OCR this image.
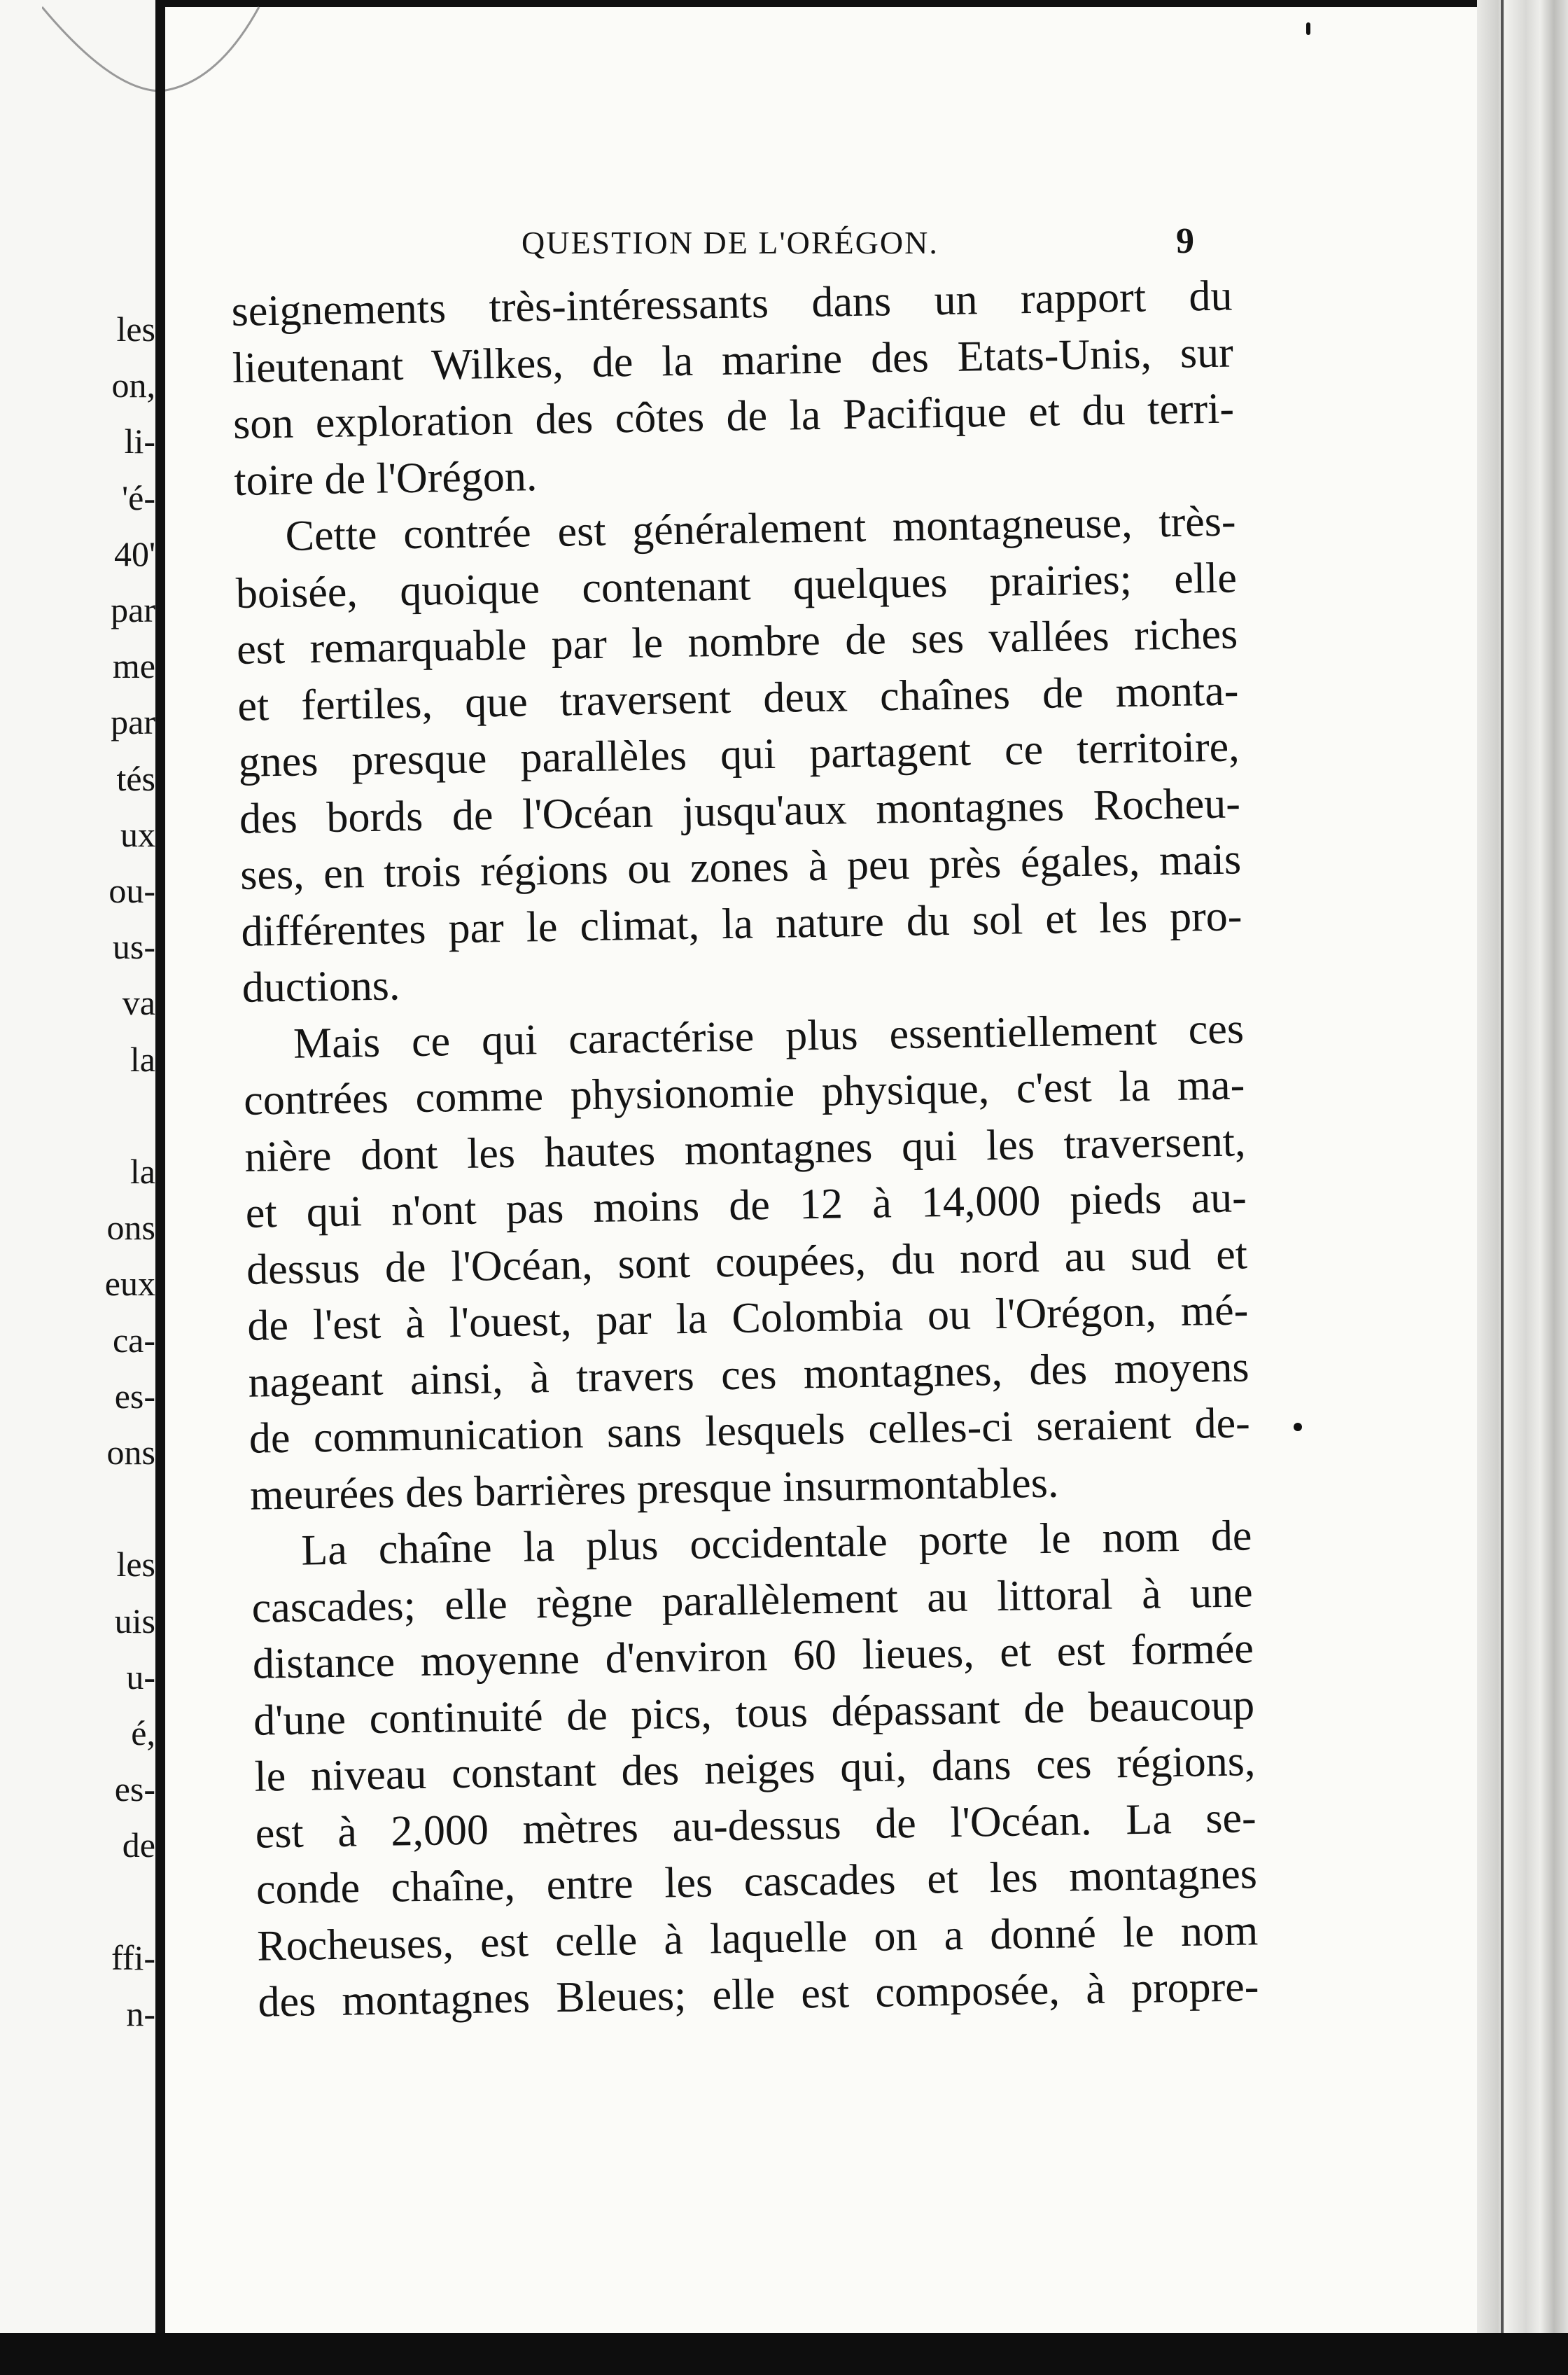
les
on,
li-
'é-
40'
par
me
par
tés
ux
ou-
us-
va
la
la
ons
eux
ca-
es-
ons
les
uis
u-
é,
es-
de
ffi-
n-
QUESTION DE L'ORÉGON.	9
seignements très-intéressants dans un rapport du
lieutenant Wilkes, de la marine des Etats-Unis, sur
son exploration des côtes de la Pacifique et du terri-
toire de l'Orégon.
Cette contrée est généralement montagneuse, très-
boisée, quoique contenant quelques prairies; elle
est remarquable par le nombre de ses vallées riches
et fertiles, que traversent deux chaînes de monta-
gnes presque parallèles qui partagent ce territoire,
des bords de l'Océan jusqu'aux montagnes Rocheu-
ses, en trois régions ou zones à peu près égales, mais
différentes par le climat, la nature du sol et les pro-
ductions.
Mais ce qui caractérise plus essentiellement ces
contrées comme physionomie physique, c'est la ma-
nière dont les hautes montagnes qui les traversent,
et qui n'ont pas moins de 12 à 14,000 pieds au-
dessus de l'Océan, sont coupées, du nord au sud et
de l'est à l'ouest, par la Colombia ou l'Orégon, mé-
nageant ainsi, à travers ces montagnes, des moyens
de communication sans lesquels celles-ci seraient de-
meurées des barrières presque insurmontables.
La chaîne la plus occidentale porte le nom de
cascades; elle règne parallèlement au littoral à une
distance moyenne d'environ 60 lieues, et est formée
d'une continuité de pics, tous dépassant de beaucoup
le niveau constant des neiges qui, dans ces régions,
est à 2,000 mètres au-dessus de l'Océan. La se-
conde chaîne, entre les cascades et les montagnes
Rocheuses, est celle à laquelle on a donné le nom
des montagnes Bleues; elle est composée, à propre-
